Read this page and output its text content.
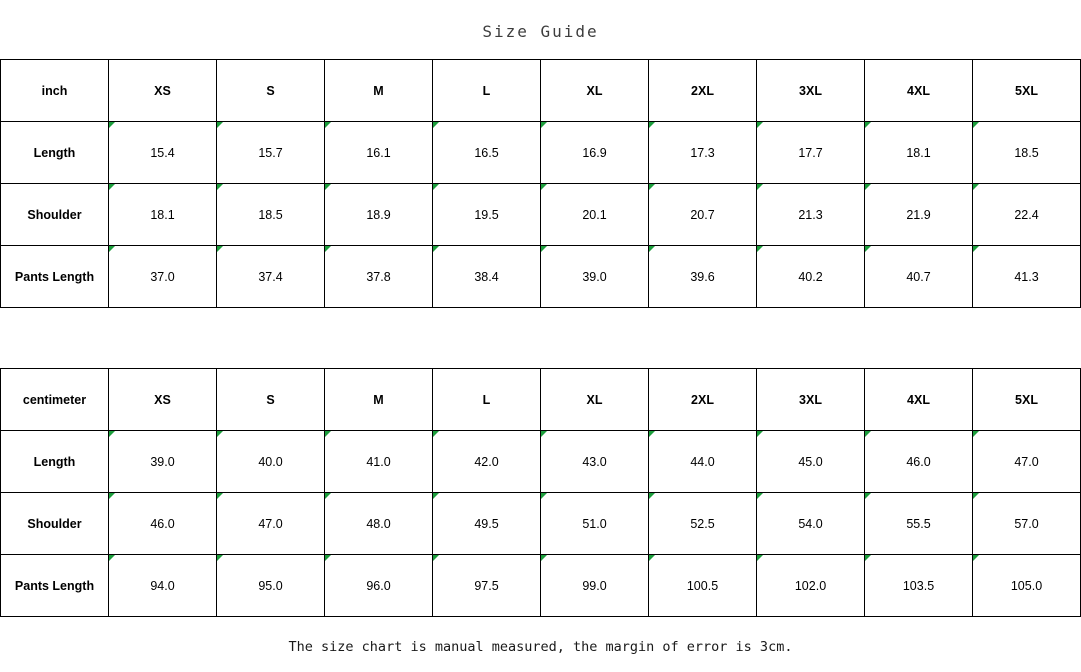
Size Guide
inch	XS	S	M	L	XL	2XL	3XL	4XL	5XL
Length	15.4	15.7	16.1	16.5	16.9	17.3	17.7	18.1	18.5
Shoulder	18.1	18.5	18.9	19.5	20.1	20.7	21.3	21.9	22.4
Pants Length	37.0	37.4	37.8	38.4	39.0	39.6	40.2	40.7	41.3
centimeter	XS	S	M	L	XL	2XL	3XL	4XL	5XL
Length	39.0	40.0	41.0	42.0	43.0	44.0	45.0	46.0	47.0
Shoulder	46.0	47.0	48.0	49.5	51.0	52.5	54.0	55.5	57.0
Pants Length	94.0	95.0	96.0	97.5	99.0	100.5	102.0	103.5	105.0
The size chart is manual measured, the margin of error is 3cm.
